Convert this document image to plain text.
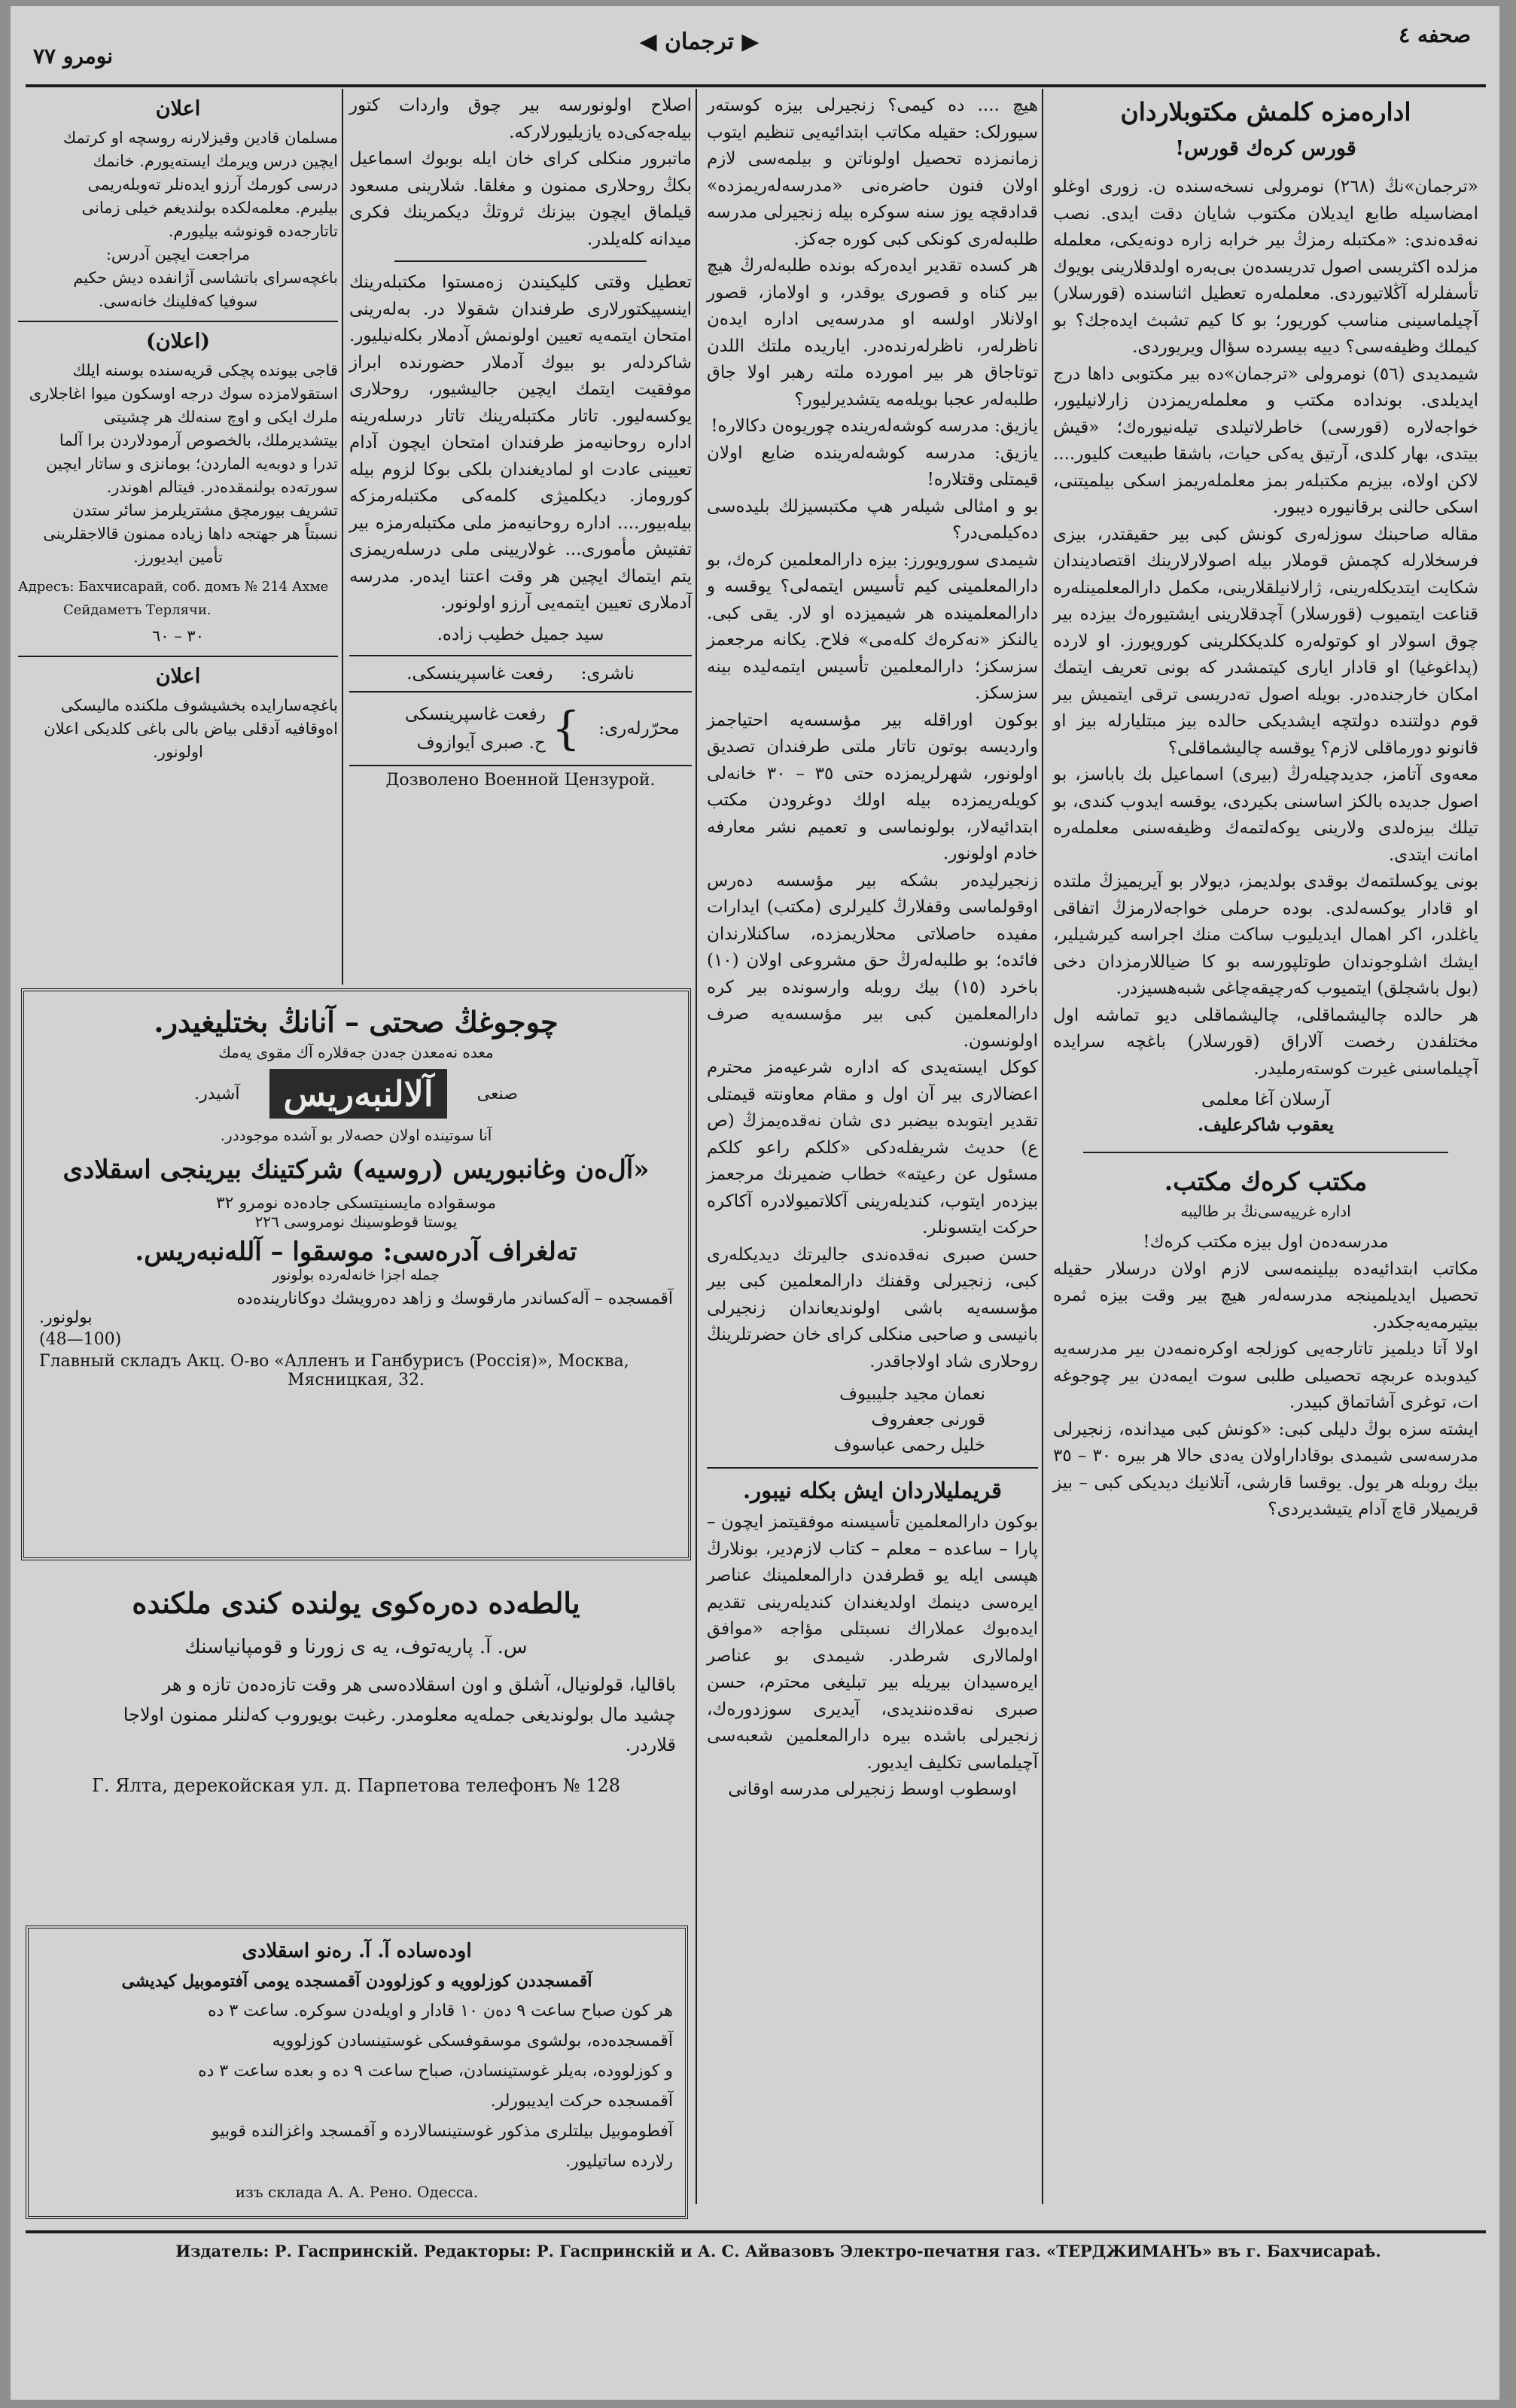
صحفه ٤
◀ ترجمان ▶
نومرو ٧٧
ادارەمزە کلمش مکتوبلاردان
قورس کرەك قورس!
«ترجمان»نڭ (٢٦٨) نومرولی نسخەسندە ن. زوری اوغلو امضاسیلە طابع ایدیلان مکتوب شایان دقت ایدی. نصب نەقدەندی: «مکتبلە رمزڭ بیر خرابە زارە دونەیکی، معلملە مزلدە اکثریسی اصول تدریسدەن بی‌بەرە اولدقلارینی بویوك تأسفلرلە آڭلاتیوردی. معلملەرە تعطیل اثناسندە (قورسلار) آچیلماسینی مناسب کوریور؛ بو کا کیم تشبث ایدەجك؟ بو کیملك وظیفەسی؟ دییە بیسرده سؤال ویریوردی.
شیمدیدی (٥٦) نومرولی «ترجمان»دە بیر مکتوبی داها درج ایدیلدی. بونداده مکتب و معلملەریمزدن زارلانیلیور، خواجەلارە (قورسی) خاطرلاتیلدی تیلەنیورەك؛ «قیش بیتدی، بهار کلدی، آرتیق یەکی حیات، باشقا طبیعت کلیور.... لاکن اولاه، بیزیم مکتبلەر بمز معلملەریمز اسکی بیلمیتنی، اسکی حالنی برقانیورە دیبور.
مقالە صاحبنك سوزلەری کونش کبی بیر حقیقتدر، بیزی فرسخلارلە کچمش قوملار بیلە اصولارلارینك اقتصادیندان شکایت ایتدیکلەرینی، ژارلانیلقلارینی، مکمل دارالمعلمینلەرە قناعت ایتمیوب (قورسلار) آچدقلارینی ایشتیورەك بیزدە بیر چوق اسولار او کوتولەرە کلدیککلرینی کورویورز. او لاردە (پداغوغیا) او قادار ایاری کیتمشدر کە بونی تعریف ایتمك امکان خارجندەدر. بویلە اصول تەدریسی ترقی ایتمیش بیر قوم دولتنده دولتچه ایشدیکی حالدە بیز مبتلیارلە بیز او قانونو دورماقلی لازم؟ یوقسە چالیشماقلی؟
معەوی آتامز، جدیدچیلەرڭ (بیری) اسماعیل بك باباسز، بو اصول جدیدە بالکز اساسنی بکیردی، یوقسە ایدوب کندی، بو تیلك بیزەلدی ولارینی یوکەلتمەك وظیفەسنی معلملەرە امانت ایتدی.
بونی یوکسلتمەك بوقدی بولدیمز، دیولار بو آیریمیزڭ ملتدە او قادار یوکسەلدی. بودە حرملی خواجەلارمزڭ اتفاقی یاغلدر، اکر اهمال ایدیلیوب ساكت منك اجراسە کیرشیلیر، ایشك اشلوجوندان طوتلپورسە بو کا ضیاللارمزدان دخی (بول باشچلق) ایتمیوب کەرچیقەچاغی شبەهسیزدر.
هر حالدە چالیشماقلی، چالیشماقلی دیو تماشە اول مختلفدن رخصت آلاراق (قورسلار) باغچە سرایدە آچیلماسنی غیرت کوستەرملیدر.
آرسلان آغا معلمی
یعقوب شاکرعلیف.
مکتب کرەك مکتب.
ادارە غرییەسی‌نڭ بر طالیبە
مدرسەدەن اول بیزە مکتب کرەك!
مکاتب ابتدائیەدە بیلینمەسی لازم اولان درسلار حقیلە تحصیل ایدیلمینجە مدرسەلەر هیچ بیر وقت بیزە ثمرە بیتیرمەیەجکدر.
اولا آتا دیلمیز تاتارجەیی کوزلجە اوکرەنمەدن بیر مدرسەیە کیدوبدە عربچە تحصیلی طلبی سوت ایمەدن بیر چوجوغە ات، توغری آشاتماق کبیدر.
ایشتە سزە بوڭ دلیلی کبی: «کونش کبی میداندە، زنجیرلی مدرسەسی شیمدی بوقادار‌اولان یەدی حالا هر بیرە ٣٠ – ٣٥ بیك روبلە هر یول. یوقسا قارشی، آتلانیك دیدیکی کبی – بیز قریمیلار قاچ آدام یتیشدیردی؟
هیچ .... دە کیمی؟ زنجیرلی بیزە کوستەر سیورلک: حقیلە مکاتب ابتدائیەیی تنظیم ایتوب زمانمزدە تحصیل اولوناتن و بیلمەسی لازم اولان فنون حاضرەنی «مدرسەلەریمزدە» قدادقچە یوز سنە سوکرە بیلە زنجیرلی مدرسە‌ طلبەلەری کونکی کبی کوره جەكز.
هر کسدە تقدیر ایدەرکە بوندە طلبەلەرڭ هیچ بیر کناه و قصوری یوقدر، و اولاماز، قصور اولانلار اولسە او مدرسەیی ادارە ایدەن ناظرلەر، ناظرلەرندەدر. ایاریدە ملتك اللدن توتاجاق هر بیر اموردە ملتە رهبر اولا جاق طلبەلەر عجبا بویلەمە یتشدیرلیور؟
یازیق: مدرسە کوشەلەریندە چوریوەن دکالارە!
یازیق: مدرسە کوشەلەریندە ضایع اولان قیمتلی وقتلارە!
بو و امثالی شیلەر هپ مکتبسیزلك بلیدەسی دەکیلمی‌در؟
شیمدی سورویورز: بیزە دارالمعلمین کرەك، بو دارالمعلمینی کیم تأسیس ایتمەلی؟ یوقسە و دارالمعلمیندە هر شیمیزدە او لار. یقی کبی. یالنکز «نەکرەك کلەمی» فلاح. یکانە مرجعمز سزسکز؛ دارالمعلمین تأسیس ایتمەلیدە بینە سزسکز.
بوکون اوراقلە بیر مؤسسە‌یە احتیاجمز واردیسە بوتون تاتار ملتی طرفندان تصدیق اولونور، شهرلریمزدە حتی ٣٥ – ٣٠ خانەلی کویلەریمزدە بیلە اولك دوغرودن مکتب ابتدائیەلار، بولونماسی و تعمیم نشر معارفە خادم اولونور.
زنجیرلیدەر بشکە بیر مؤسسە دەرس اوقولماسی وقفلارڭ کلیرلری (مکتب) ایدارات مفیدە حاصلاتی محلاریمزدە، ساکنلارندان فائدە؛ بو طلبەلەرڭ حق مشروعی اولان (١٠) باخرد (١٥) بیك روبلە وارسوندە بیر کرە دارالمعلمین کبی بیر مؤسسەیە صرف اولونسون.
کوکل ایستەیدی کە ادارە شرعیەمز محترم اعضالاری بیر آن اول و مقام معاونتە قیمتلی تقدیر ایتوبدە بیضبر دی شان نەقدەیمزڭ (ص ع) حدیث شریفلەدکی «کلکم راعو کلکم مسئول عن رعیتە» خطاب ضمیرنك مرجعمز بیزدەر ایتوب، کندیلەرینی آکلاتمیولادرە آکاکرە حرکت ایتسونلر.
حسن صبری نەقدەندی جالیرتك دیدیکلەری کبی، زنجیرلی وقفنك دارالمعلمین کبی بیر مؤسسەیە باشی اولوندیعاندان زنجیرلی بانیسی و صاحبی منکلی کرای خان حضرتلرینڭ روحلاری شاد اولاجاقدر.
نعمان مجید جلیبیوف
قورنی جعفروف
خلیل رحمی عباسوف
قریملیلاردان ایش بکلە نیبور.
بوکون دارالمعلمین تأسیسنە موفقیتمز ایچون – پارا – ساعدە – معلم – کتاب لازم‌دیر، بونلارڭ هپسی ایلە یو قطرفدن دارالمعلمینك عناصر ایرەسی دینمك اولدیغندان کندیلەرینی تقدیم ایدەبوك عملاراك نسبتلی مؤاجە «موافق اولمالاری شرطدر. شیمدی بو عناصر ایرەسیدان بیریلە بیر تبلیغی محترم، حسن صبری نەقدەنندیدی، آیدیری سوزدورەك، زنجیرلی باشدە بیرە دارالمعلمین شعبەسی آچیلماسی تکلیف ایدیور.
اوسطوب اوسط زنجیرلی مدرسە اوقانی
اصلاح اولونورسە بیر چوق واردات کتور بیلەجەکی‌دە یازیلیورلارکە.
ماتبرور منکلی کرای خان ایلە بوبوك اسماعیل بکڭ روحلاری ممنون و مغلقا. شلارینی مسعود قیلماق ایچون بیزنك ثروتڭ دیکمرینك فکری میدانە کلەیلدر.
تعطیل وقتی کلیکیندن زەمستوا مکتبلەرینك اینسپیکتورلاری طرفندان شقولا در. بەلەرینی امتحان ایتمەیە تعیین اولونمش آدملار بکلەنیلیور. شاکردلەر بو بیوك آدملار حضورندە ابراز موفقیت ایتمك ایچین جالیشیور، روحلاری یوکسەلیور. تاتار مکتبلەرینك تاتار درسلەرینە ادارە روحانیەمز طرفندان امتحان ایچون آدام تعیینی عادت او لمادیغندان بلکی بوکا لزوم بیلە کوروماز. دیکلمیژی کلمەکی مکتبلەرمزكە بیلە‌بیور.... ادارە روحانیەمز ملی مکتبلەرمزە بیر تفتیش مأموری... غولاریینی ملی درسلەریمزی یتم ایتماك ایچین هر وقت اعتنا ایدەر. مدرسە آدملاری تعیین ایتمەیی آرزو اولونور.
سید جمیل خطیب زادە.
ناشری: رفعت غاسپرینسکی.
محرّرلەری:
}
رفعت غاسپرینسکی
ح. صبری آیوازوف
Дозволено Военной Цензурой.
اعلان
مسلمان قادین وقیزلارنە روسچە او کرتمك
ایچین درس ویرمك ایستەیورم. خانمك
درسی کورمك آرزو ایدەنلر تەوبلەریمی
بیلیرم. معلمەلکدە بولندیغم خیلی زمانی
تاتارجەدە قونوشە بیلیورم.
مراجعت ایچین آدرس:
باغچەسرای باتشاسی آژانفدە دیش حکیم
سوفیا کەفلینك خانەسی.
(اعلان)
قاجی بیوندە پچکی قریەسندە بوسنە ایلك
استقولامزدە سوك درجە اوسکون میوا اغاجلاری
ملرك ایکی و اوچ سنەلك هر چشیتی
بیتشدیرملك، بالخصوص آرمودلاردن برا آلما
تدرا و دوبەیە الماردن؛ بومانزی و ساتار ایچین
سورتەدە بولنمقدەدر. فیتالم اهوندر.
تشریف بیورمچق مشتریلرمز سائر ستدن
نسبتاً هر جهتجە داها زیادە ممنون قالاجقلرینی
تأمین ایدیورز.
Адресъ: Бахчисарай, соб. домъ № 214 Ахме
Сейдаметъ Терлячи.
٣٠ – ٦٠
اعلان
باغچەسارایدە بخشیشوف ملکندە مالیسکی
اەوقافیە آدقلی بیاض بالی باغی کلدیکی اعلان
اولونور.
چوجوغڭ صحتی – آنانڭ بختلیغیدر.
معدە نەمعدن جەدن جەقلارە آك مقوی یەمك
صنعی
آلالنبەریس
آشیدر.
آنا سوتیندە اولان حصەلار بو آشدە موجوددر.
«آل‌ەن وغانبوریس (روسیە) شرکتینك بیرینجی اسقلادی
موسقوادە مایسنیتسکی جادەدە نومرو ٣٢
یوستا قوطوسینك نومروسی ٢٢٦
تەلغراف آدرەسی: موسقوا – آللەنبەریس.
جملە اجزا خانەلەردە بولونور
آقمسجدە – آلەکساندر مارقوسك و زاهد دەرویشك دوکاناریندەدە
بولونور.
(48—100)
Главный складъ Акц. О-во «Алленъ и Ганбурисъ (Россія)», Москва,
Мясницкая, 32.
یالطەدە دەرەکوی یولندە کندی ملکندە
س. آ. پاریەتوف، یە ی زورنا و قومپانیاسنك
باقالیا، قولونیال، آشلق و اون اسقلادەسی هر وقت تازەدەن تازە و هر
چشید مال بولوندیغی جملەیە معلومدر. رغبت بویوروب کەلنلر ممنون اولاجا
قلاردر.
Г. Ялта, дерекойская ул. д. Парпетова телефонъ № 128
اودەسادە آ. آ. رەنو اسقلادی
آقمسجددن کوزلوویە و کوزلوودن آقمسجدە یومی آفتوموبیل کیدیشی
هر کون صباح ساعت ٩ دەن ١٠ قادار و اویلەدن سوکرە. ساعت ٣ دە
آقمسجدەدە، بولشوی موسقوفسکی غوستینسادن کوزلوویە
و کوزلوودە، بەیلر غوستینسادن، صباح ساعت ٩ دە و بعدە ساعت ٣ دە
آقمسجدە حرکت ایدیبورلر.
آفطوموبیل بیلتلری مذکور غوستینسالاردە و آقمسجد واغزالندە قوبیو
رلاردە ساتیلیور.
изъ склада А. А. Рено. Одесса.
Издатель: Р. Гаспринскій. Редакторы: Р. Гаспринскій и А. С. Айвазовъ Электро-печатня газ. «ТЕРДЖИМАНЪ» въ г. Бахчисараѣ.
